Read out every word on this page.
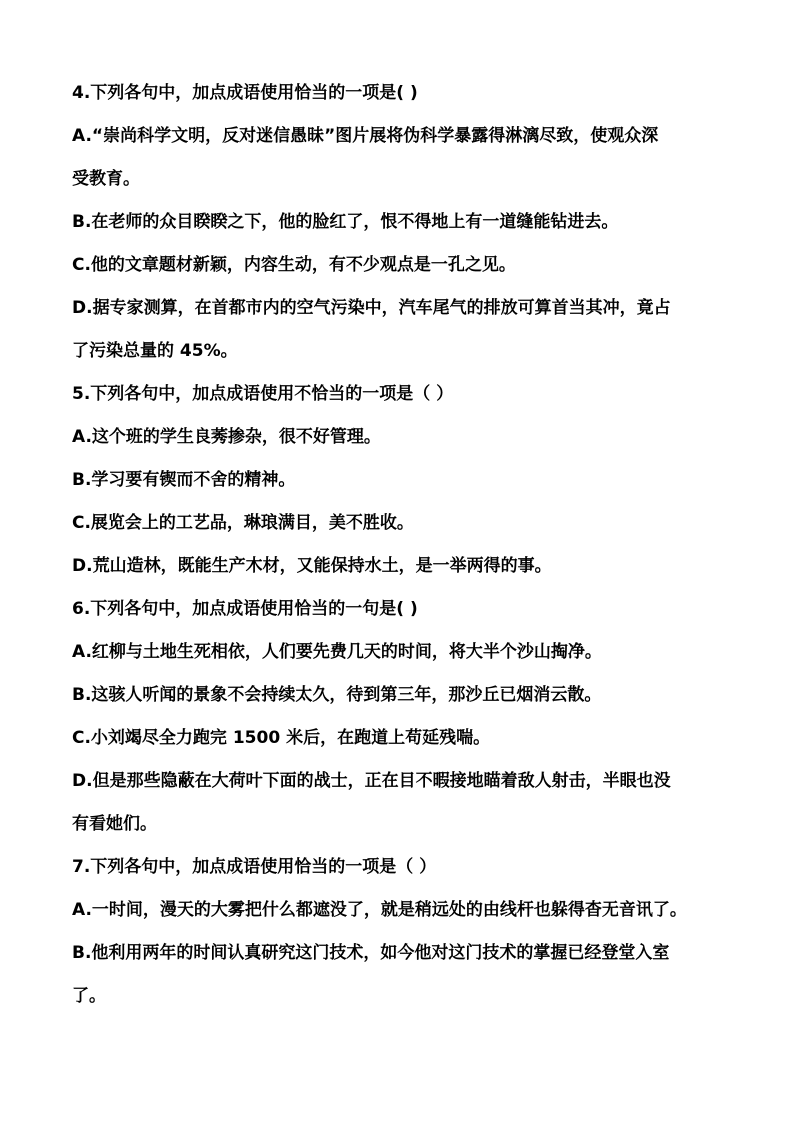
4.下列各句中，加点成语使用恰当的一项是( )
A.“崇尚科学文明，反对迷信愚昧”图片展将伪科学暴露得淋漓尽致，使观众深
受教育。
B.在老师的众目睽睽之下，他的脸红了，恨不得地上有一道缝能钻进去。
C.他的文章题材新颖，内容生动，有不少观点是一孔之见。
D.据专家测算，在首都市内的空气污染中，汽车尾气的排放可算首当其冲，竟占
了污染总量的 45%。
5.下列各句中，加点成语使用不恰当的一项是（ ）
A.这个班的学生良莠掺杂，很不好管理。
B.学习要有锲而不舍的精神。
C.展览会上的工艺品，琳琅满目，美不胜收。
D.荒山造林，既能生产木材，又能保持水土，是一举两得的事。
6.下列各句中，加点成语使用恰当的一句是( )
A.红柳与土地生死相依，人们要先费几天的时间，将大半个沙山掏净。
B.这骇人听闻的景象不会持续太久，待到第三年，那沙丘已烟消云散。
C.小刘竭尽全力跑完 1500 米后，在跑道上苟延残喘。
D.但是那些隐蔽在大荷叶下面的战士，正在目不暇接地瞄着敌人射击，半眼也没
有看她们。
7.下列各句中，加点成语使用恰当的一项是（ ）
A.一时间，漫天的大雾把什么都遮没了，就是稍远处的由线杆也躲得杳无音讯了。
B.他利用两年的时间认真研究这门技术，如今他对这门技术的掌握已经登堂入室
了。
